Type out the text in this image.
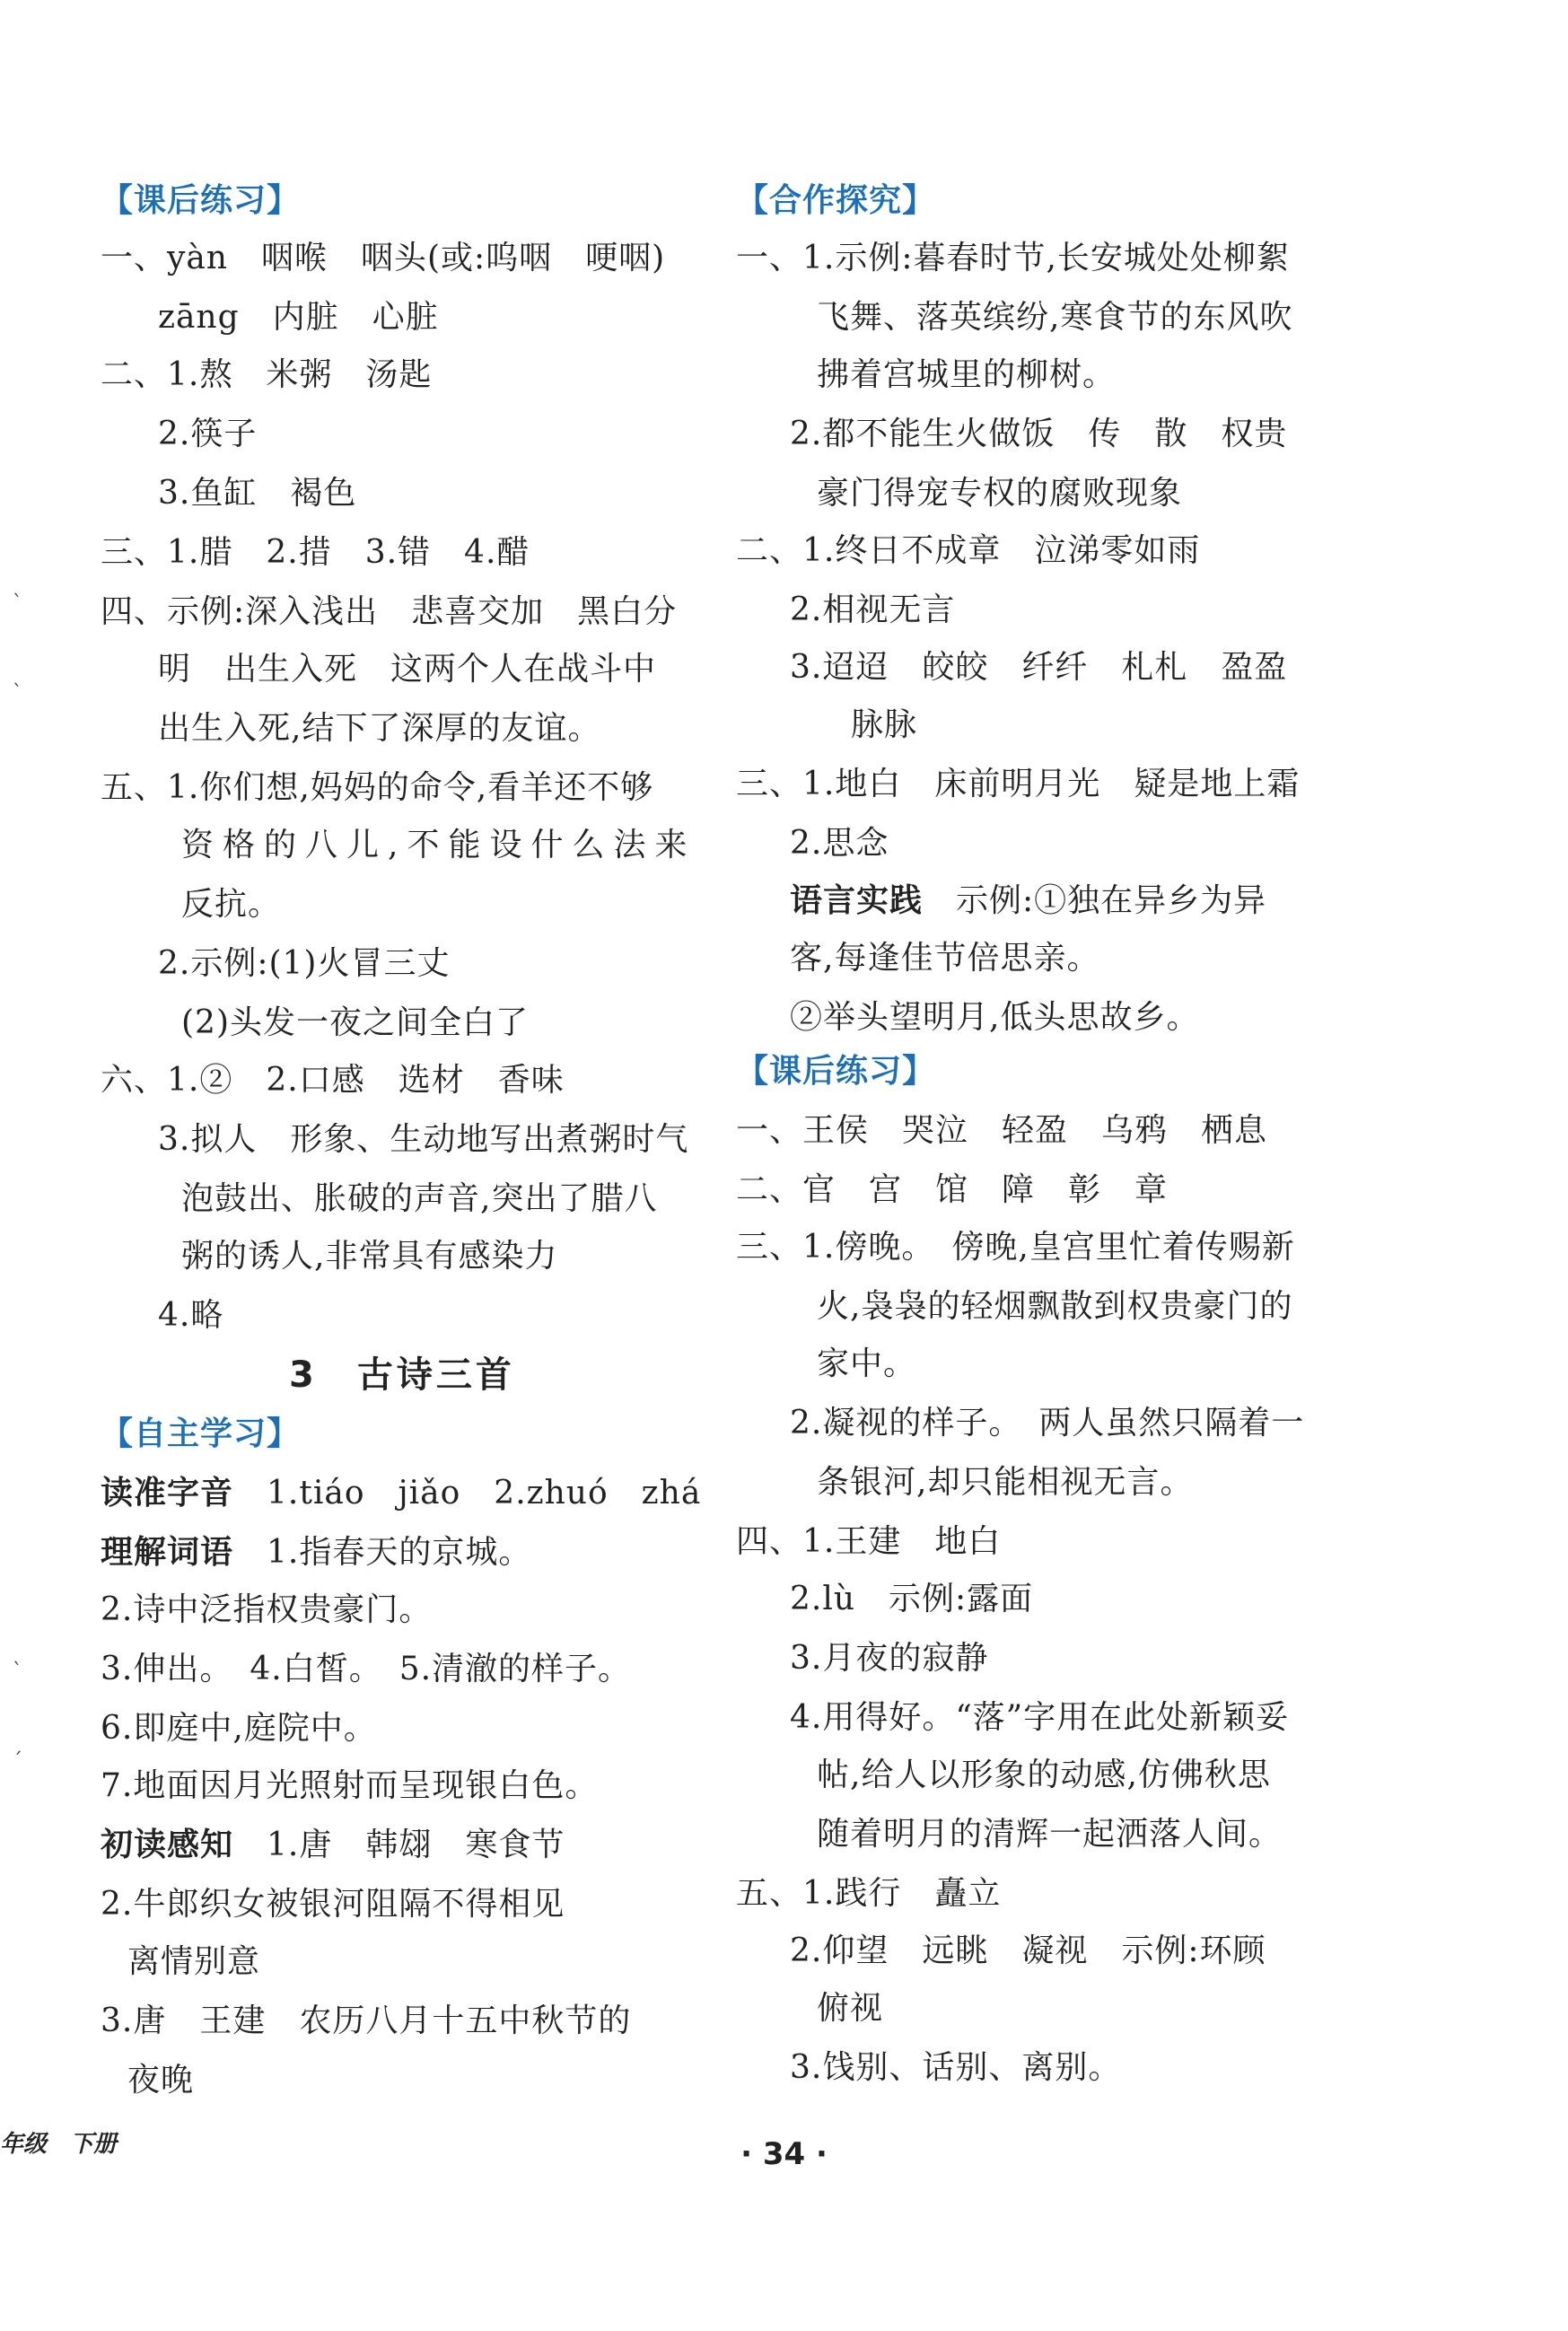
【课后练习】
一、yàn　咽喉　咽头(或:呜咽　哽咽)
zāng　内脏　心脏
二、1.熬　米粥　汤匙
2.筷子
3.鱼缸　褐色
三、1.腊　2.措　3.错　4.醋
四、示例:深入浅出　悲喜交加　黑白分
明　出生入死　这两个人在战斗中
出生入死,结下了深厚的友谊。
五、1.你们想,妈妈的命令,看羊还不够
资格的八儿,不能设什么法来
反抗。
2.示例:(1)火冒三丈
(2)头发一夜之间全白了
六、1.②　2.口感　选材　香味
3.拟人　形象、生动地写出煮粥时气
泡鼓出、胀破的声音,突出了腊八
粥的诱人,非常具有感染力
4.略
3　古诗三首
【自主学习】
读准字音　 1.tiáo　jiǎo　2.zhuó　zhá
理解词语　 1.指春天的京城。
2.诗中泛指权贵豪门。
3.伸出。　4.白皙。　5.清澈的样子。
6.即庭中,庭院中。
7.地面因月光照射而呈现银白色。
初读感知　 1.唐　韩翃　寒食节
2.牛郎织女被银河阻隔不得相见
离情别意
3.唐　王建　农历八月十五中秋节的
夜晚
【合作探究】
一、1.示例:暮春时节,长安城处处柳絮
飞舞、落英缤纷,寒食节的东风吹
拂着宫城里的柳树。
2.都不能生火做饭　传　散　权贵
豪门得宠专权的腐败现象
二、1.终日不成章　泣涕零如雨
2.相视无言
3.迢迢　皎皎　纤纤　札札　盈盈
脉脉
三、1.地白　床前明月光　疑是地上霜
2.思念
语言实践　 示例:①独在异乡为异
客,每逢佳节倍思亲。
②举头望明月,低头思故乡。
【课后练习】
一、王侯　哭泣　轻盈　乌鸦　栖息
二、官　宫　馆　障　彰　章
三、1.傍晚。　傍晚,皇宫里忙着传赐新
火,袅袅的轻烟飘散到权贵豪门的
家中。
2.凝视的样子。　两人虽然只隔着一
条银河,却只能相视无言。
四、1.王建　地白
2.lù　示例:露面
3.月夜的寂静
4.用得好。“落”字用在此处新颖妥
帖,给人以形象的动感,仿佛秋思
随着明月的清辉一起洒落人间。
五、1.践行　矗立
2.仰望　远眺　凝视　示例:环顾
俯视
3.饯别、话别、离别。
ˋ
ˋ
ˋ
ˊ
年级　下册	· 34 ·
